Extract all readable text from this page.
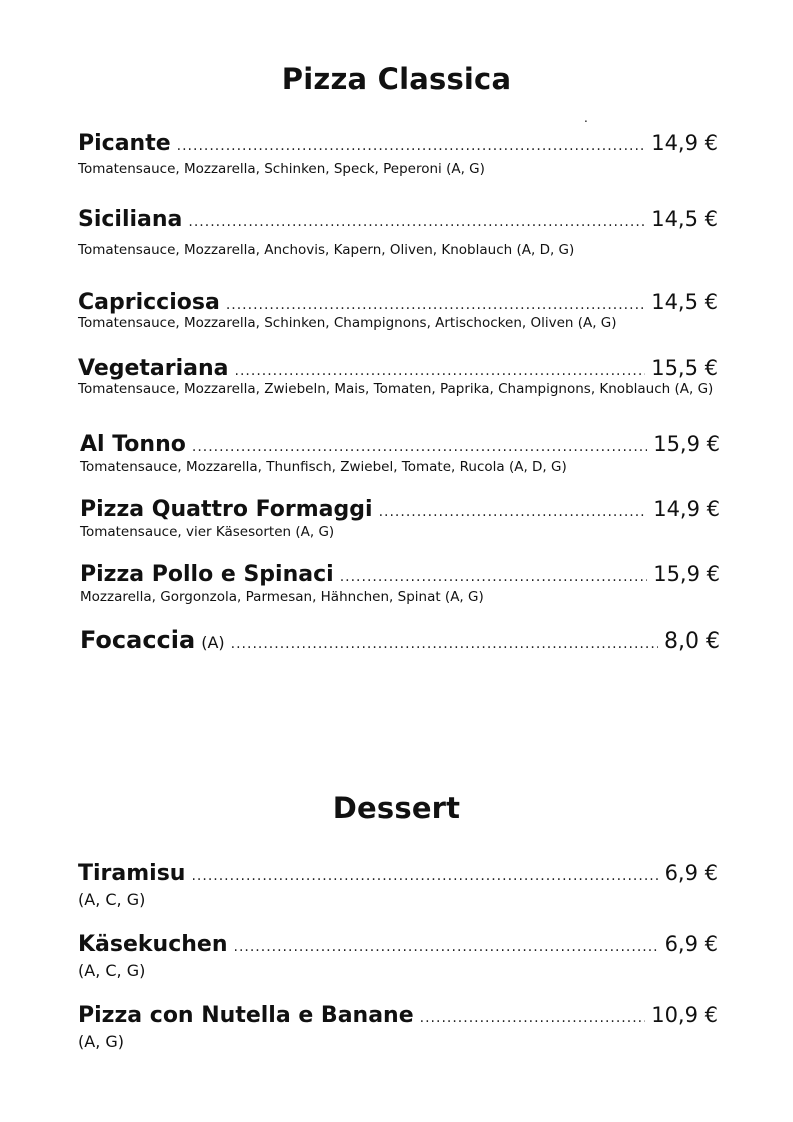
Pizza Classica
.
Picante .....	14,9 €
Tomatensauce, Mozzarella, Schinken, Speck, Peperoni (A, G)
Siciliana .....	14,5 €
Tomatensauce, Mozzarella, Anchovis, Kapern, Oliven, Knoblauch (A, D, G)
Capricciosa .....	14,5 €
Tomatensauce, Mozzarella, Schinken, Champignons, Artischocken, Oliven (A, G)
Vegetariana .....	15,5 €
Tomatensauce, Mozzarella, Zwiebeln, Mais, Tomaten, Paprika, Champignons, Knoblauch (A, G)
Al Tonno .....	15,9 €
Tomatensauce, Mozzarella, Thunfisch, Zwiebel, Tomate, Rucola (A, D, G)
Pizza Quattro Formaggi .....	14,9 €
Tomatensauce, vier Käsesorten (A, G)
Pizza Pollo e Spinaci .....	15,9 €
Mozzarella, Gorgonzola, Parmesan, Hähnchen, Spinat (A, G)
Focaccia (A) .....	8,0 €
Dessert
Tiramisu .....	6,9 €
(A, C, G)
Käsekuchen .....	6,9 €
(A, C, G)
Pizza con Nutella e Banane .....	10,9 €
(A, G)
